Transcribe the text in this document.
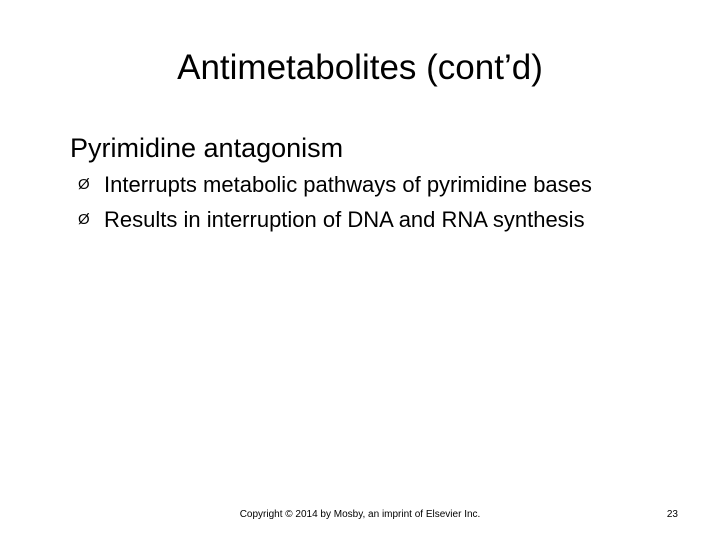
Antimetabolites (cont’d)
Pyrimidine antagonism
Ø Interrupts metabolic pathways of pyrimidine bases
Ø Results in interruption of DNA and RNA synthesis
Copyright © 2014 by Mosby, an imprint of Elsevier Inc.	23
